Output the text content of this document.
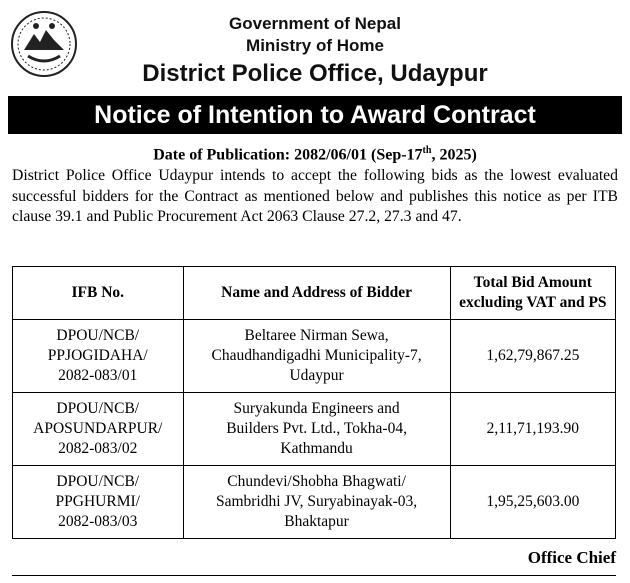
Government of Nepal
Ministry of Home
District Police Office, Udaypur
Notice of Intention to Award Contract
Date of Publication: 2082/06/01 (Sep-17th, 2025)
District Police Office Udaypur intends to accept the following bids as the lowest evaluated successful bidders for the Contract as mentioned below and publishes this notice as per ITB clause 39.1 and Public Procurement Act 2063 Clause 27.2, 27.3 and 47.
IFB No.	Name and Address of Bidder	Total Bid Amount
excluding VAT and PS

DPOU/NCB/
PPJOGIDAHA/
2082-083/01	Beltaree Nirman Sewa,
Chaudhandigadhi Municipality-7,
Udaypur	1,62,79,867.25

DPOU/NCB/
APOSUNDARPUR/
2082-083/02	Suryakunda Engineers and
Builders Pvt. Ltd., Tokha-04,
Kathmandu	2,11,71,193.90

DPOU/NCB/
PPGHURMI/
2082-083/03	Chundevi/Shobha Bhagwati/
Sambridhi JV, Suryabinayak-03,
Bhaktapur	1,95,25,603.00
Office Chief
